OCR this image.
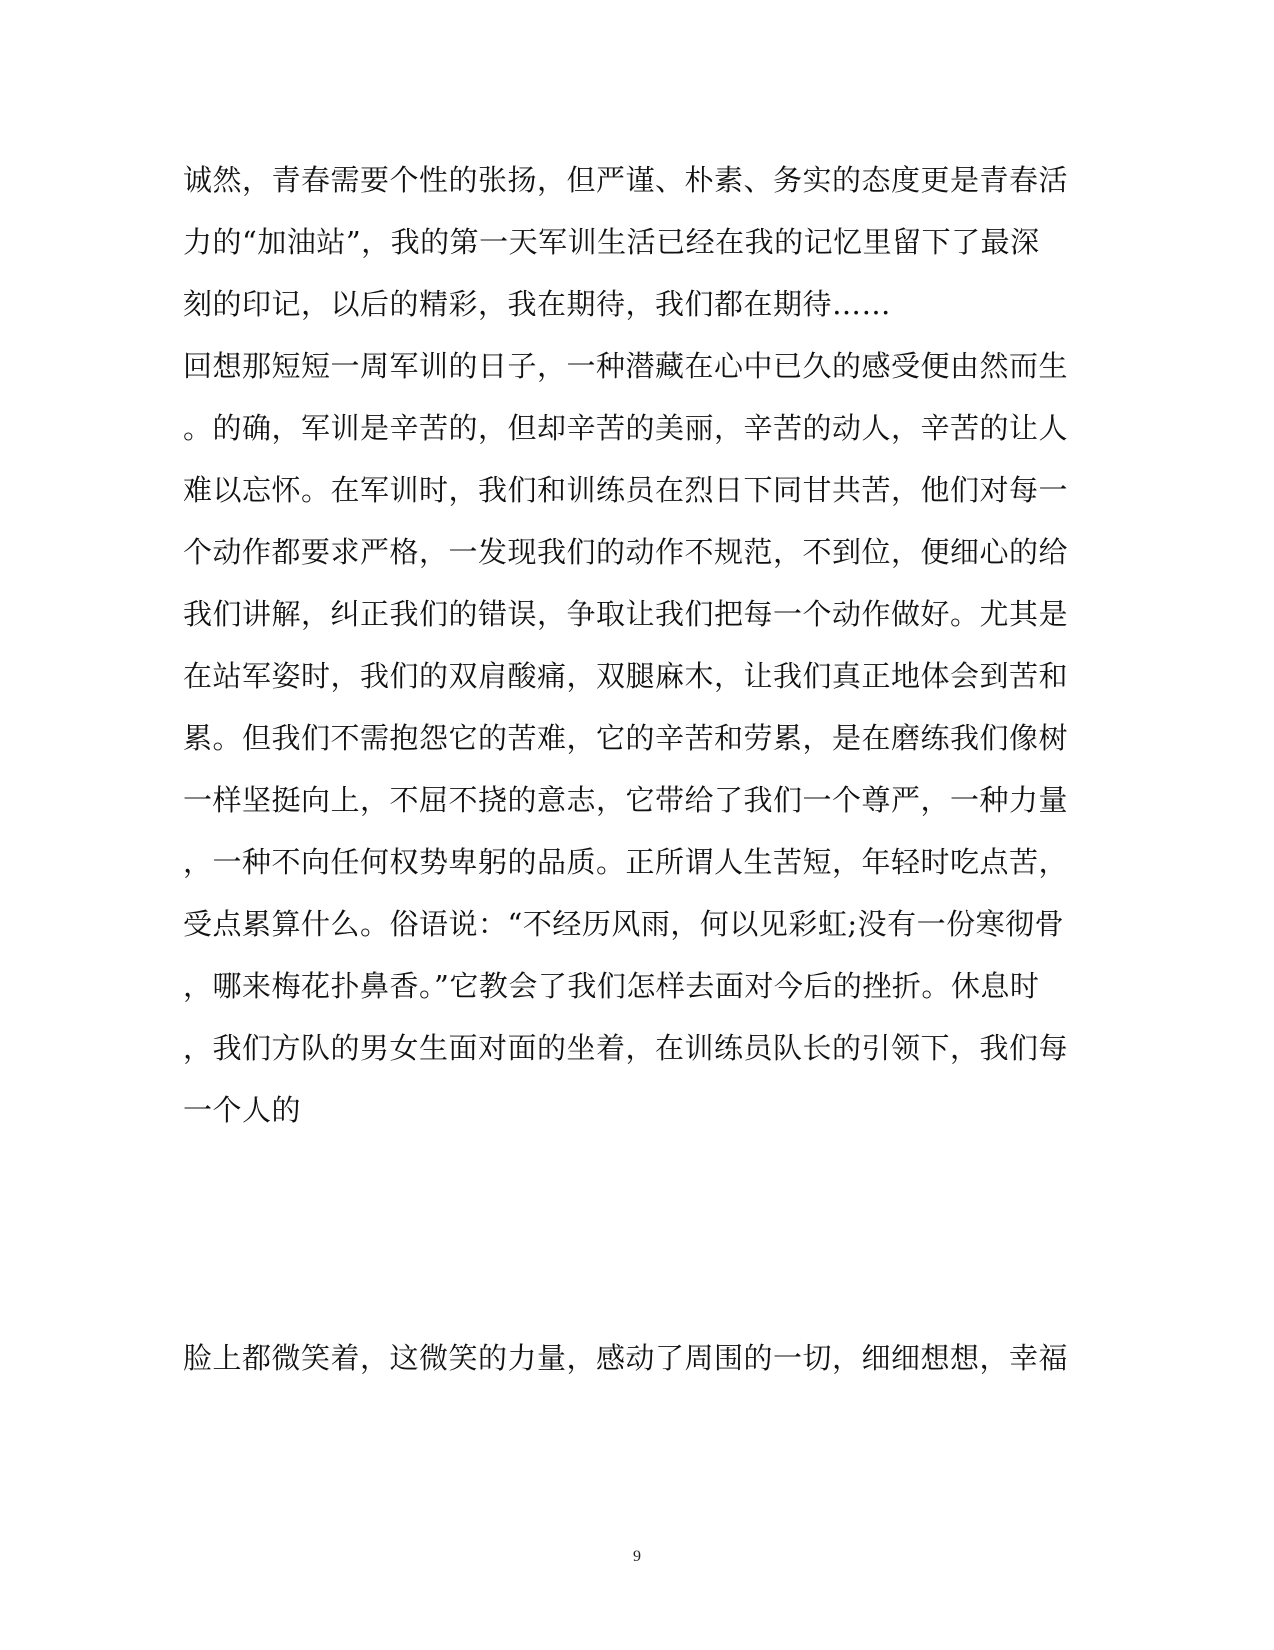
诚然，青春需要个性的张扬，但严谨、朴素、务实的态度更是青春活
力的“加油站”，我的第一天军训生活已经在我的记忆里留下了最深
刻的印记，以后的精彩，我在期待，我们都在期待……
回想那短短一周军训的日子，一种潜藏在心中已久的感受便由然而生
。的确，军训是辛苦的，但却辛苦的美丽，辛苦的动人，辛苦的让人
难以忘怀。在军训时，我们和训练员在烈日下同甘共苦，他们对每一
个动作都要求严格，一发现我们的动作不规范，不到位，便细心的给
我们讲解，纠正我们的错误，争取让我们把每一个动作做好。尤其是
在站军姿时，我们的双肩酸痛，双腿麻木，让我们真正地体会到苦和
累。但我们不需抱怨它的苦难，它的辛苦和劳累，是在磨练我们像树
一样坚挺向上，不屈不挠的意志，它带给了我们一个尊严，一种力量
，一种不向任何权势卑躬的品质。正所谓人生苦短，年轻时吃点苦，
受点累算什么。俗语说：“不经历风雨，何以见彩虹;没有一份寒彻骨
，哪来梅花扑鼻香。”它教会了我们怎样去面对今后的挫折。休息时
，我们方队的男女生面对面的坐着，在训练员队长的引领下，我们每
一个人的
脸上都微笑着，这微笑的力量，感动了周围的一切，细细想想，幸福
9
